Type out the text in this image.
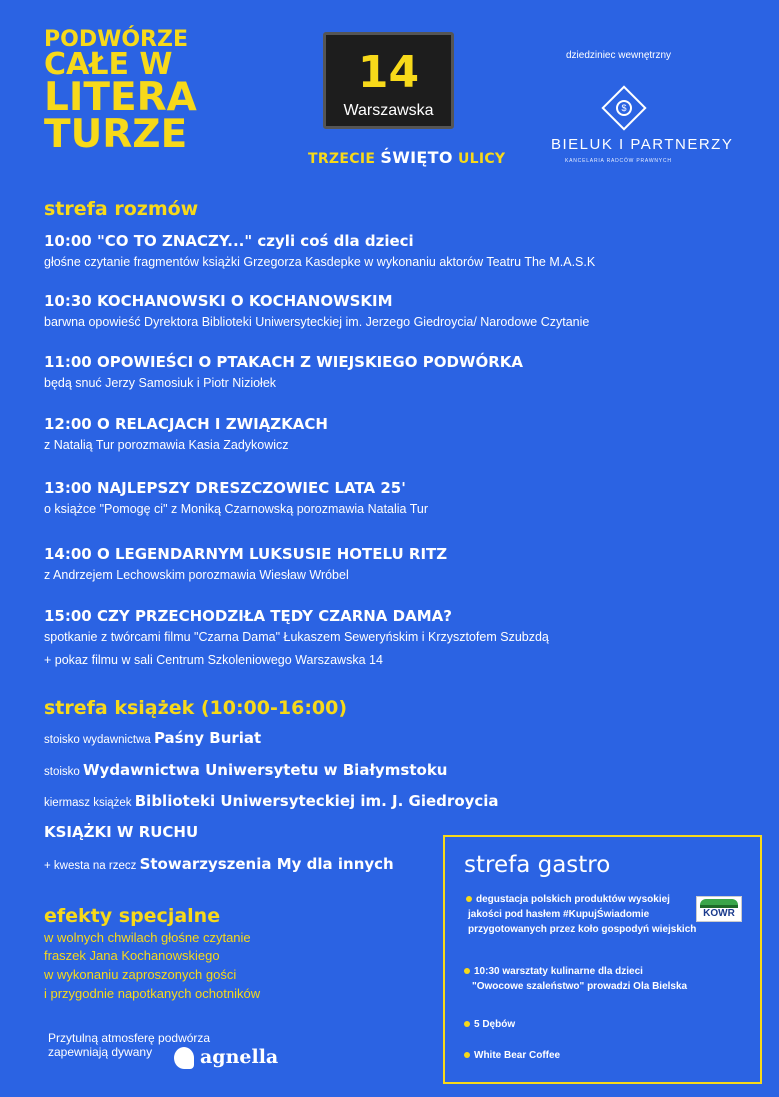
PODWÓRZE
CAŁE W
LITERA
TURZE
14
Warszawska
TRZECIE ŚWIĘTO ULICY
dziedziniec wewnętrzny
$
BIELUK I PARTNERZY
KANCELARIA RADCÓW PRAWNYCH
strefa rozmów
10:00 "CO TO ZNACZY..." czyli coś dla dzieci
głośne czytanie fragmentów książki Grzegorza Kasdepke w wykonaniu aktorów Teatru The M.A.S.K
10:30 KOCHANOWSKI O KOCHANOWSKIM
barwna opowieść Dyrektora Biblioteki Uniwersyteckiej im. Jerzego Giedroycia/ Narodowe Czytanie
11:00 OPOWIEŚCI O PTAKACH Z WIEJSKIEGO PODWÓRKA
będą snuć Jerzy Samosiuk i Piotr Niziołek
12:00 O RELACJACH I ZWIĄZKACH
z Natalią Tur porozmawia Kasia Zadykowicz
13:00 NAJLEPSZY DRESZCZOWIEC LATA 25'
o książce "Pomogę ci" z Moniką Czarnowską porozmawia Natalia Tur
14:00 O LEGENDARNYM LUKSUSIE HOTELU RITZ
z Andrzejem Lechowskim porozmawia Wiesław Wróbel
15:00 CZY PRZECHODZIŁA TĘDY CZARNA DAMA?
spotkanie z twórcami filmu "Czarna Dama" Łukaszem Seweryńskim i Krzysztofem Szubzdą
+ pokaz filmu w sali Centrum Szkoleniowego Warszawska 14
strefa książek (10:00-16:00)
stoisko wydawnictwa Paśny Buriat
stoisko Wydawnictwa Uniwersytetu w Białymstoku
kiermasz książek Biblioteki Uniwersyteckiej im. J. Giedroycia
KSIĄŻKI W RUCHU
+ kwesta na rzecz Stowarzyszenia My dla innych
efekty specjalne
w wolnych chwilach głośne czytanie
fraszek Jana Kochanowskiego
w wykonaniu zaproszonych gości
i przygodnie napotkanych ochotników
Przytulną atmosferę podwórza
zapewniają dywany	agnella
strefa gastro
degustacja polskich produktów wysokiej
jakości pod hasłem #KupujŚwiadomie
przygotowanych przez koło gospodyń wiejskich
KOWR
10:30 warsztaty kulinarne dla dzieci
"Owocowe szaleństwo" prowadzi Ola Bielska
5 Dębów
White Bear Coffee
